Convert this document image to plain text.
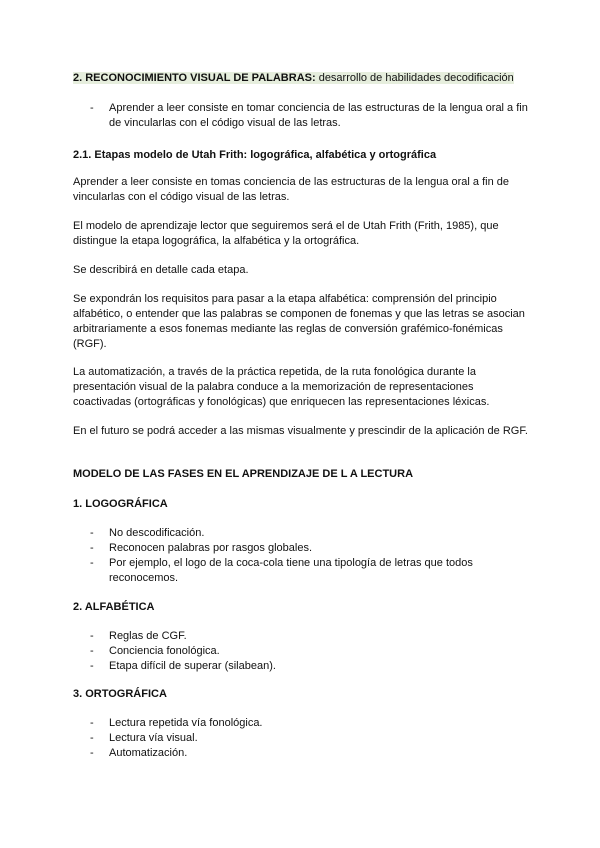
2. RECONOCIMIENTO VISUAL DE PALABRAS: desarrollo de habilidades decodificación
- Aprender a leer consiste en tomar conciencia de las estructuras de la lengua oral a fin de vincularlas con el código visual de las letras.
2.1. Etapas modelo de Utah Frith: logográfica, alfabética y ortográfica
Aprender a leer consiste en tomas conciencia de las estructuras de la lengua oral a fin de vincularlas con el código visual de las letras.
El modelo de aprendizaje lector que seguiremos será el de Utah Frith (Frith, 1985), que distingue la etapa logográfica, la alfabética y la ortográfica.
Se describirá en detalle cada etapa.
Se expondrán los requisitos para pasar a la etapa alfabética: comprensión del principio alfabético, o entender que las palabras se componen de fonemas y que las letras se asocian arbitrariamente a esos fonemas mediante las reglas de conversión grafémico-fonémicas (RGF).
La automatización, a través de la práctica repetida, de la ruta fonológica durante la presentación visual de la palabra conduce a la memorización de representaciones coactivadas (ortográficas y fonológicas) que enriquecen las representaciones léxicas.
En el futuro se podrá acceder a las mismas visualmente y prescindir de la aplicación de RGF.
MODELO DE LAS FASES EN EL APRENDIZAJE DE L A LECTURA
1. LOGOGRÁFICA
- No descodificación.
- Reconocen palabras por rasgos globales.
- Por ejemplo, el logo de la coca-cola tiene una tipología de letras que todos reconocemos.
2. ALFABÉTICA
- Reglas de CGF.
- Conciencia fonológica.
- Etapa difícil de superar (silabean).
3. ORTOGRÁFICA
- Lectura repetida vía fonológica.
- Lectura vía visual.
- Automatización.
